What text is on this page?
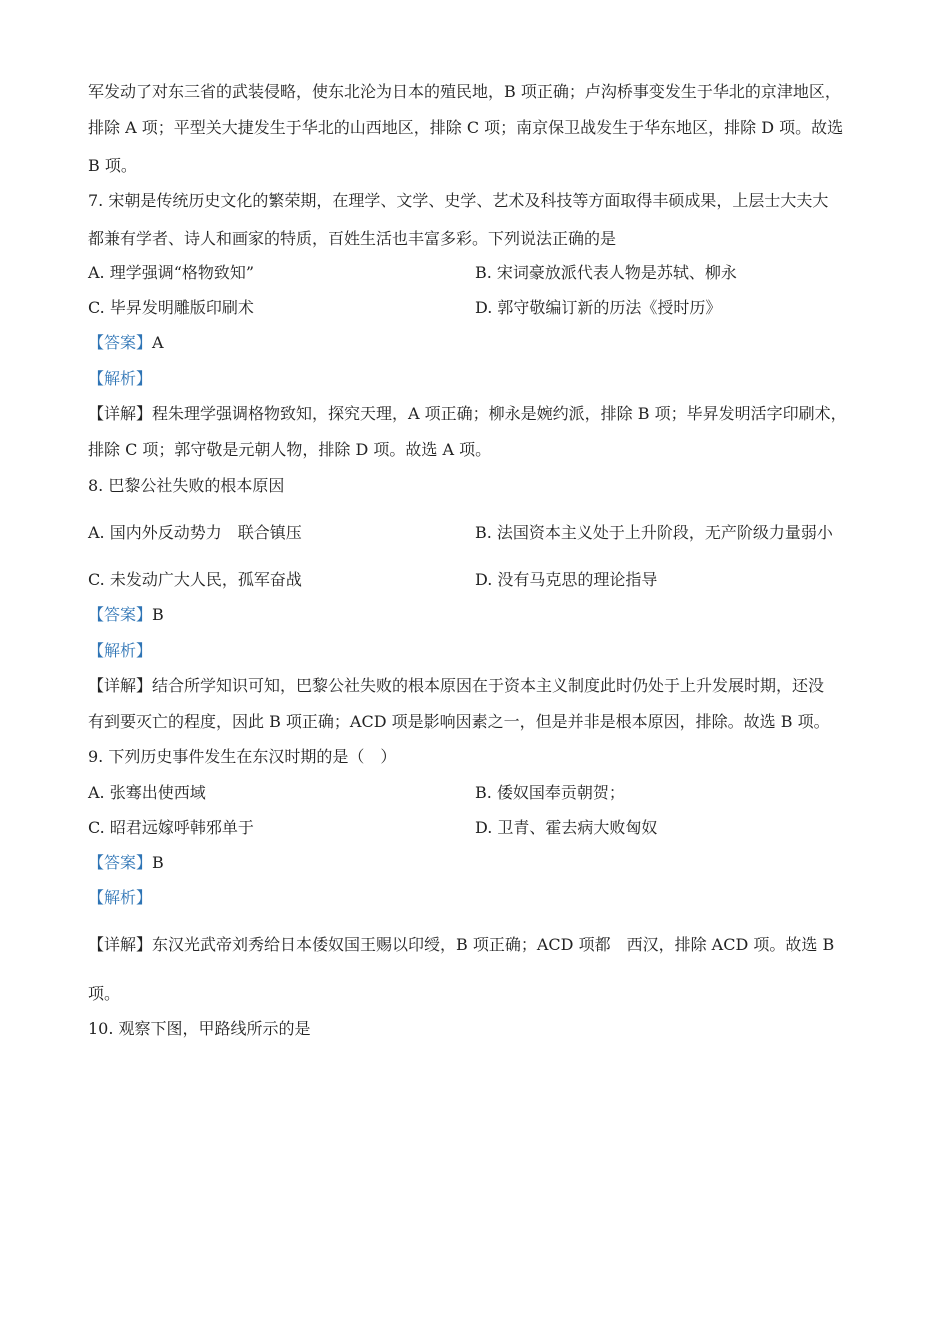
军发动了对东三省的武装侵略，使东北沦为日本的殖民地，B 项正确；卢沟桥事变发生于华北的京津地区，
排除 A 项；平型关大捷发生于华北的山西地区，排除 C 项；南京保卫战发生于华东地区，排除 D 项。故选
B 项。
7. 宋朝是传统历史文化的繁荣期，在理学、文学、史学、艺术及科技等方面取得丰硕成果，上层士大夫大
都兼有学者、诗人和画家的特质，百姓生活也丰富多彩。下列说法正确的是
A. 理学强调“格物致知”	B. 宋词豪放派代表人物是苏轼、柳永
C. 毕昇发明雕版印刷术	D. 郭守敬编订新的历法《授时历》
【答案】A
【解析】
【详解】程朱理学强调格物致知，探究天理，A 项正确；柳永是婉约派，排除 B 项；毕昇发明活字印刷术，
排除 C 项；郭守敬是元朝人物，排除 D 项。故选 A 项。
8. 巴黎公社失败的根本原因
A. 国内外反动势力　联合镇压	B. 法国资本主义处于上升阶段，无产阶级力量弱小
C. 未发动广大人民，孤军奋战	D. 没有马克思的理论指导
【答案】B
【解析】
【详解】结合所学知识可知，巴黎公社失败的根本原因在于资本主义制度此时仍处于上升发展时期，还没
有到要灭亡的程度，因此 B 项正确；ACD 项是影响因素之一，但是并非是根本原因，排除。故选 B 项。
9. 下列历史事件发生在东汉时期的是（　）
A. 张骞出使西域	B. 倭奴国奉贡朝贺；
C. 昭君远嫁呼韩邪单于	D. 卫青、霍去病大败匈奴
【答案】B
【解析】
【详解】东汉光武帝刘秀给日本倭奴国王赐以印绶，B 项正确；ACD 项都　西汉，排除 ACD 项。故选 B
项。
10. 观察下图，甲路线所示的是
